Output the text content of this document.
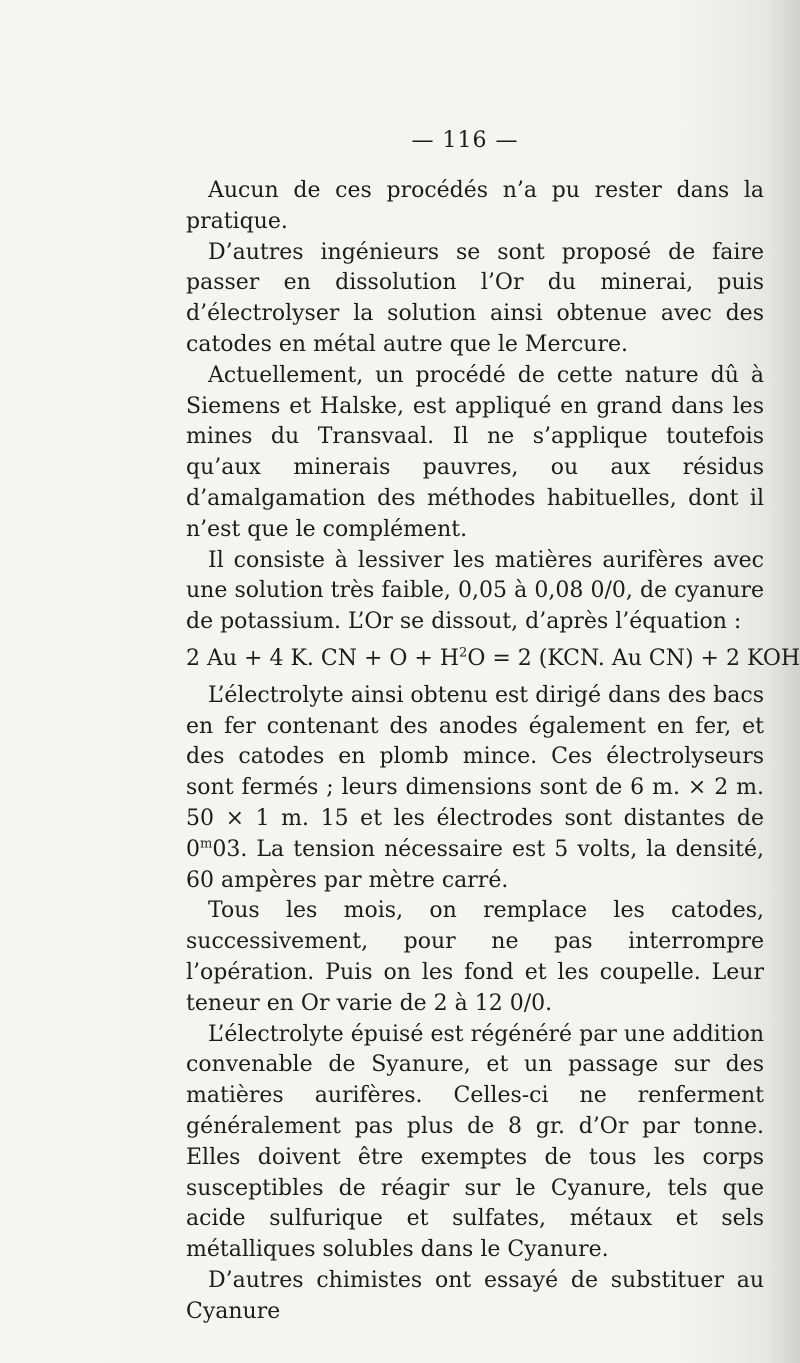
— 116 —

Aucun de ces procédés n’a pu rester dans la pratique.

D’autres ingénieurs se sont proposé de faire passer en dissolution l’Or du minerai, puis d’électrolyser la solution ainsi obtenue avec des catodes en métal autre que le Mercure.

Actuellement, un procédé de cette nature dû à Siemens et Halske, est appliqué en grand dans les mines du Transvaal. Il ne s’applique toutefois qu’aux minerais pauvres, ou aux résidus d’amalgamation des méthodes habituelles, dont il n’est que le complément.

Il consiste à lessiver les matières aurifères avec une solution très faible, 0,05 à 0,08 0/0, de cyanure de potassium. L’Or se dissout, d’après l’équation :

2 Au + 4 K. CN + $O + H^2O = 2$ (KCN. Au CN) + 2 KOH

L’électrolyte ainsi obtenu est dirigé dans des bacs en fer contenant des anodes également en fer, et des catodes en plomb mince. Ces électrolyseurs sont fermés ; leurs dimensions sont de 6 m. × 2 m. 50 × 1 m. 15 et les électrodes sont distantes de 0$^m$03. La tension nécessaire est 5 volts, la densité, 60 ampères par mètre carré.

Tous les mois, on remplace les catodes, successivement, pour ne pas interrompre l’opération. Puis on les fond et les coupelle. Leur teneur en Or varie de 2 à 12 0/0.

L’électrolyte épuisé est régénéré par une addition convenable de Syanure, et un passage sur des matières aurifères. Celles-ci ne renferment généralement pas plus de 8 gr. d’Or par tonne. Elles doivent être exemptes de tous les corps susceptibles de réagir sur le Cyanure, tels que acide sulfurique et sulfates, métaux et sels métalliques solubles dans le Cyanure.

D’autres chimistes ont essayé de substituer au Cyanure
